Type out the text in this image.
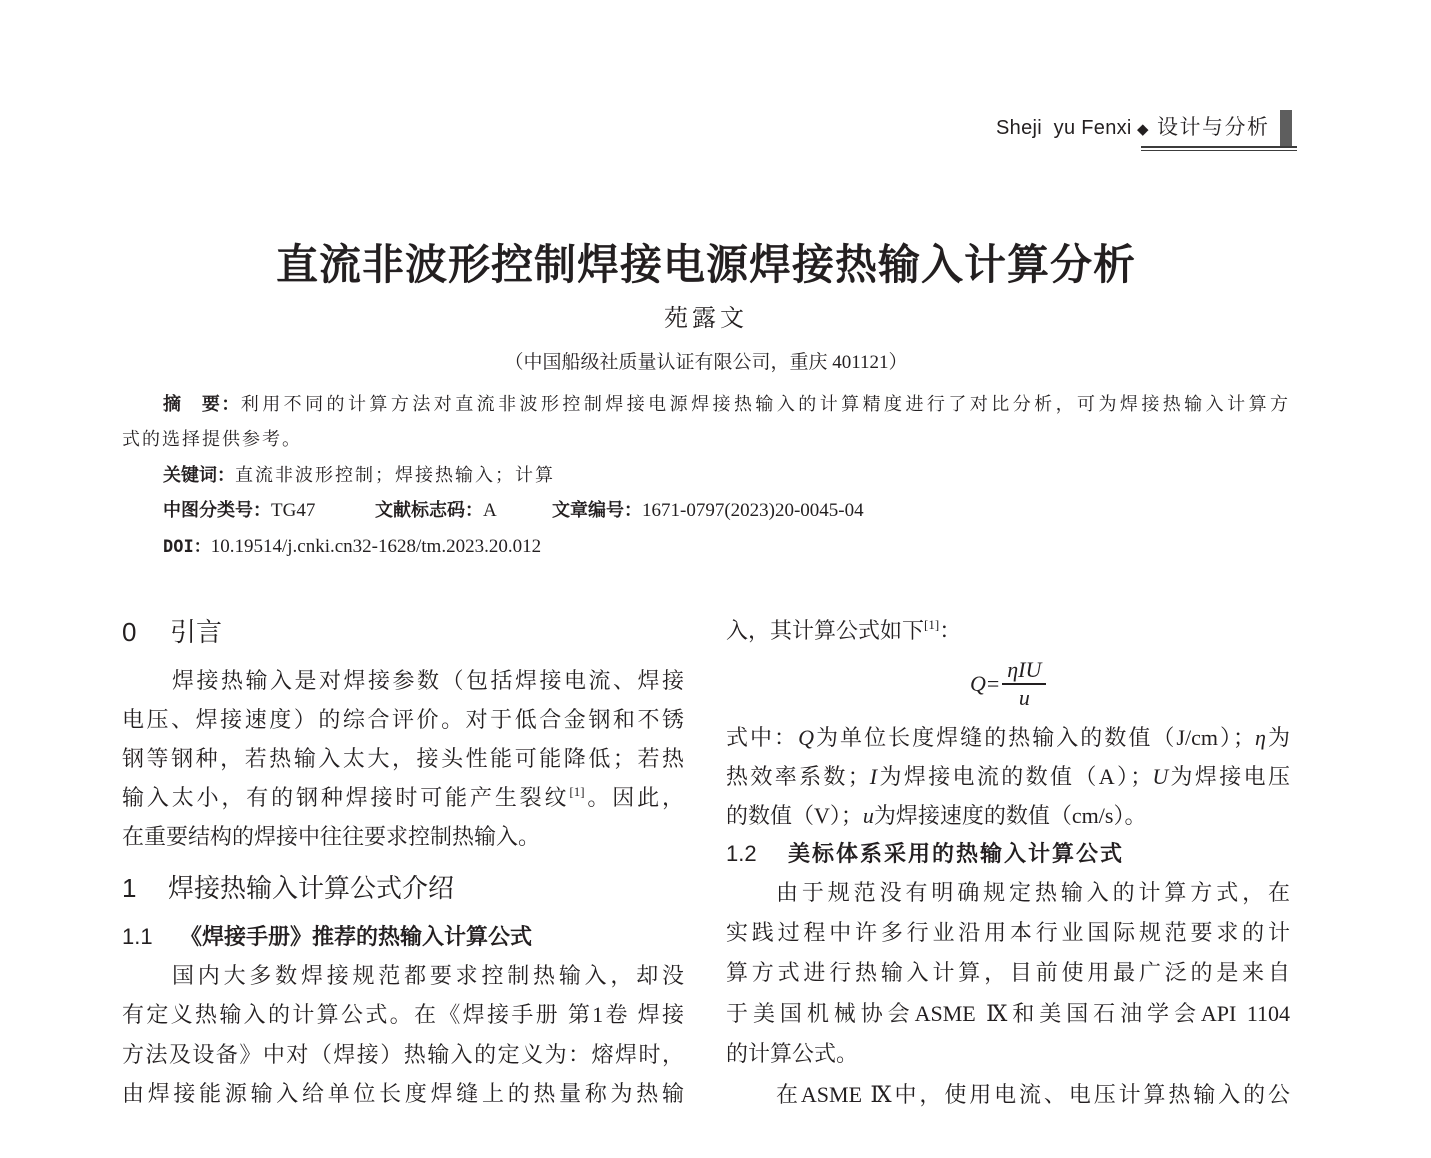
Sheji  yu Fenxi ◆ 设计与分析
直流非波形控制焊接电源焊接热输入计算分析
苑露文
（中国船级社质量认证有限公司，重庆 401121）
摘　要：利用不同的计算方法对直流非波形控制焊接电源焊接热输入的计算精度进行了对比分析，可为焊接热输入计算方
式的选择提供参考。
关键词：直流非波形控制；焊接热输入；计算
中图分类号：TG47	文献标志码：A	文章编号：1671-0797(2023)20-0045-04
DOI：10.19514/j.cnki.cn32-1628/tm.2023.20.012
0 引言
焊接热输入是对焊接参数（包括焊接电流、焊接
电压、焊接速度）的综合评价。对于低合金钢和不锈
钢等钢种，若热输入太大，接头性能可能降低；若热
输入太小，有的钢种焊接时可能产生裂纹[1]。因此，
在重要结构的焊接中往往要求控制热输入。
1 焊接热输入计算公式介绍
1.1 《焊接手册》推荐的热输入计算公式
国内大多数焊接规范都要求控制热输入，却没
有定义热输入的计算公式。在《焊接手册 第1卷 焊接
方法及设备》中对（焊接）热输入的定义为：熔焊时，
由焊接能源输入给单位长度焊缝上的热量称为热输
入，其计算公式如下[1]：
$Q = \frac{\text{ηIU}}{u}$
式中：Q为单位长度焊缝的热输入的数值（J/cm）；η为
热效率系数；I为焊接电流的数值（A）；U为焊接电压
的数值（V）；u为焊接速度的数值（cm/s）。
1.2 美标体系采用的热输入计算公式
由于规范没有明确规定热输入的计算方式，在
实践过程中许多行业沿用本行业国际规范要求的计
算方式进行热输入计算，目前使用最广泛的是来自
于美国机械协会ASME Ⅸ和美国石油学会API 1104
的计算公式。
在ASME Ⅸ中，使用电流、电压计算热输入的公
